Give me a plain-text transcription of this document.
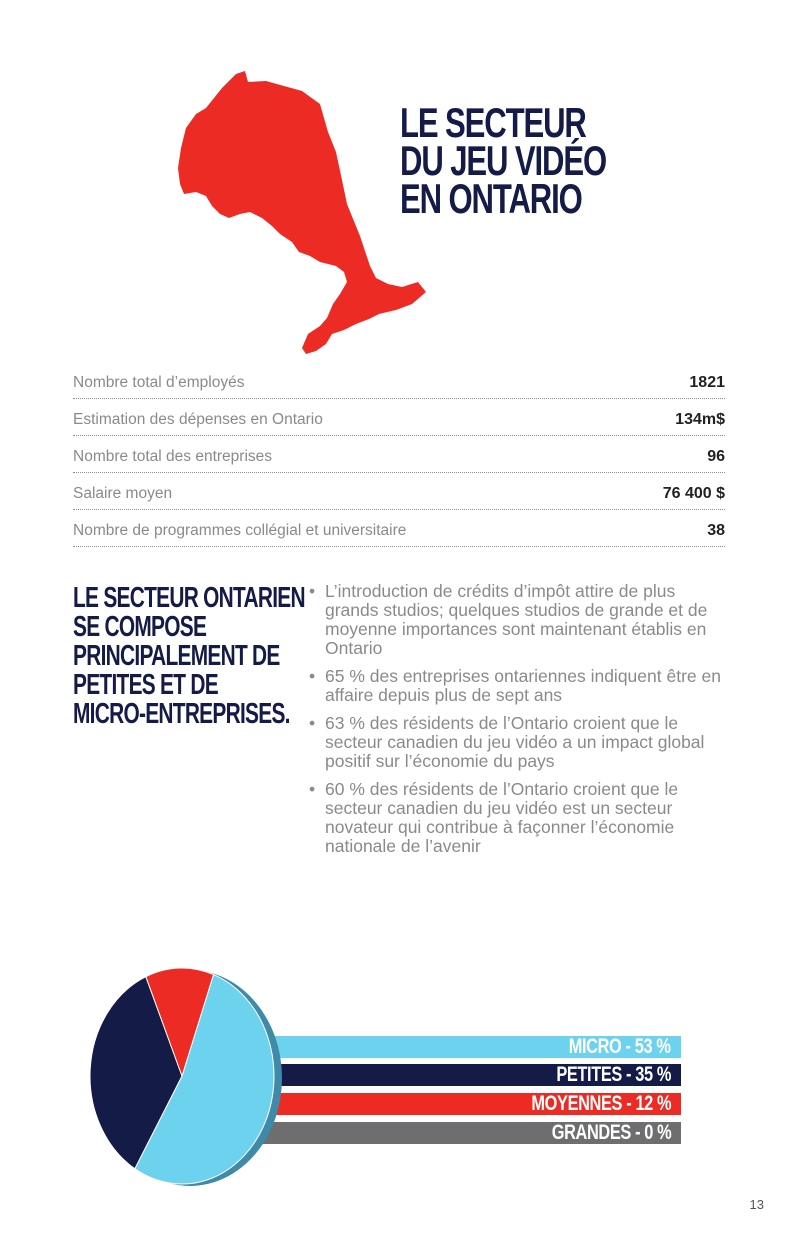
LE SECTEUR
DU JEU VIDÉO
EN ONTARIO
Nombre total d’employés	1821
Estimation des dépenses en Ontario	134m$
Nombre total des entreprises	96
Salaire moyen	76 400 $
Nombre de programmes collégial et universitaire	38
LE SECTEUR ONTARIEN
SE COMPOSE
PRINCIPALEMENT DE
PETITES ET DE
MICRO-ENTREPRISES.
• L’introduction de crédits d’impôt attire de plus grands studios; quelques studios de grande et de moyenne importances sont maintenant établis en Ontario
• 65 % des entreprises ontariennes indiquent être en affaire depuis plus de sept ans
• 63 % des résidents de l’Ontario croient que le secteur canadien du jeu vidéo a un impact global positif sur l’économie du pays
• 60 % des résidents de l’Ontario croient que le secteur canadien du jeu vidéo est un secteur novateur qui contribue à façonner l’économie nationale de l’avenir
MICRO - 53 %
PETITES - 35 %
MOYENNES - 12 %
GRANDES - 0 %
13
